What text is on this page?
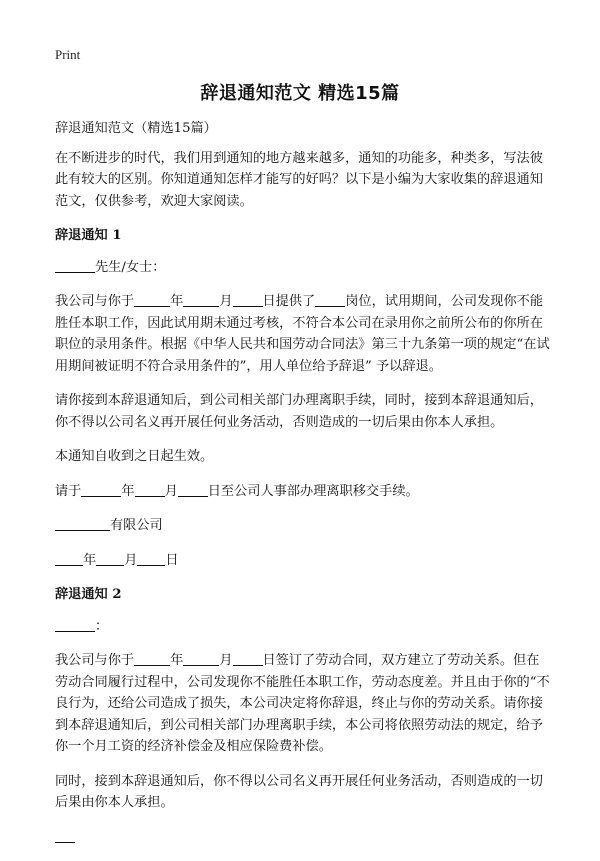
Print
辞退通知范文 精选15篇

辞退通知范文（精选15篇）

在不断进步的时代，我们用到通知的地方越来越多，通知的功能多，种类多，写法彼此有较大的区别。你知道通知怎样才能写的好吗？以下是小编为大家收集的辞退通知范文，仅供参考，欢迎大家阅读。

辞退通知 1

先生/女士：

我公司与你于	年	月 日提供了 岗位，试用期间，公司发现你不能胜任本职工作，因此试用期未通过考核，不符合本公司在录用你之前所公布的你所在职位的录用条件。根据《中华人民共和国劳动合同法》第三十九条第一项的规定“在试用期间被证明不符合录用条件的”，用人单位给予辞退” 予以辞退。

请你接到本辞退通知后，到公司相关部门办理离职手续，同时，接到本辞退通知后，你不得以公司名义再开展任何业务活动，否则造成的一切后果由你本人承担。

本通知自收到之日起生效。

请于	年 月 日至公司人事部办理离职移交手续。

有限公司

年 月 日

辞退通知 2

：

我公司与你于	年	月 日签订了劳动合同，双方建立了劳动关系。但在劳动合同履行过程中，公司发现你不能胜任本职工作，劳动态度差。并且由于你的“不良行为，还给公司造成了损失，本公司决定将你辞退，终止与你的劳动关系。请你接到本辞退通知后，到公司相关部门办理离职手续，本公司将依照劳动法的规定，给予你一个月工资的经济补偿金及相应保险费补偿。

同时，接到本辞退通知后，你不得以公司名义再开展任何业务活动，否则造成的一切后果由你本人承担。
